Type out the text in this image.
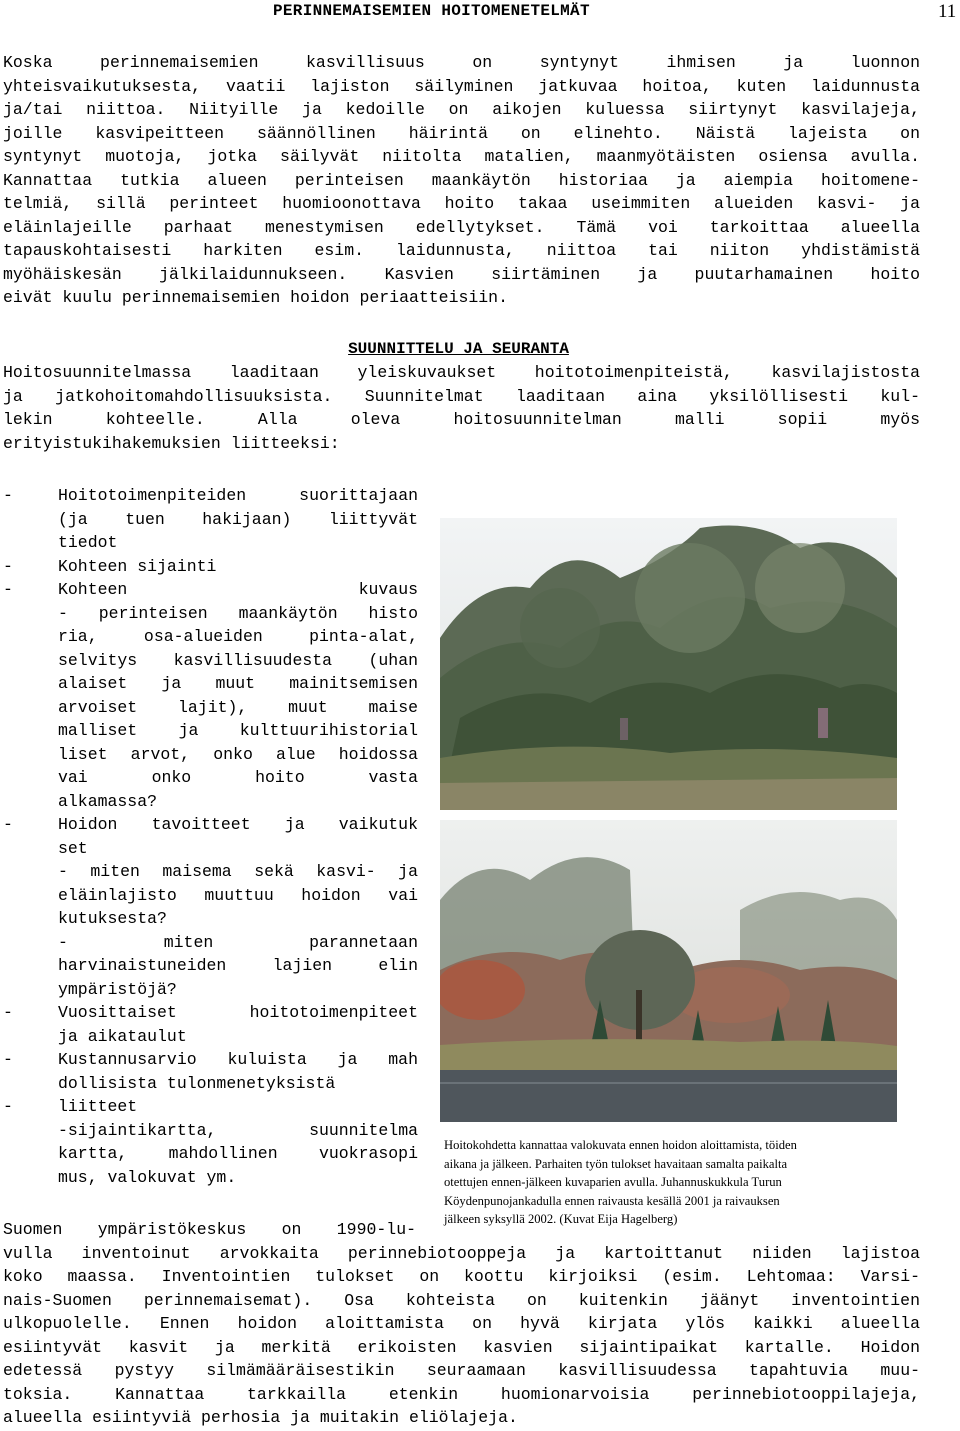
PERINNEMAISEMIEN HOITOMENETELMÄT	11
Koska perinnemaisemien kasvillisuus on syntynyt ihmisen ja luonnon
yhteisvaikutuksesta, vaatii lajiston säilyminen jatkuvaa hoitoa, kuten laidunnusta
ja/tai niittoa. Niityille ja kedoille on aikojen kuluessa siirtynyt kasvilajeja,
joille kasvipeitteen säännöllinen häirintä on elinehto. Näistä lajeista on
syntynyt muotoja, jotka säilyvät niitolta matalien, maanmyötäisten osiensa avulla.
Kannattaa tutkia alueen perinteisen maankäytön historiaa ja aiempia hoitomene-
telmiä, sillä perinteet huomioonottava hoito takaa useimmiten alueiden kasvi- ja
eläinlajeille parhaat menestymisen edellytykset. Tämä voi tarkoittaa alueella
tapauskohtaisesti harkiten esim. laidunnusta, niittoa tai niiton yhdistämistä
myöhäiskesän jälkilaidunnukseen. Kasvien siirtäminen ja puutarhamainen hoito
eivät kuulu perinnemaisemien hoidon periaatteisiin.
SUUNNITTELU JA SEURANTA
Hoitosuunnitelmassa laaditaan yleiskuvaukset hoitotoimenpiteistä, kasvilajistosta
ja jatkohoitomahdollisuuksista. Suunnitelmat laaditaan aina yksilöllisesti kul-
lekin kohteelle. Alla oleva hoitosuunnitelman malli sopii myös
erityistukihakemuksien liitteeksi:
-	Hoitotoimenpiteiden suorittajaan
(ja tuen hakijaan) liittyvät
tiedot
-	Kohteen sijainti
-	Kohteen kuvaus
- perinteisen maankäytön histo
ria, osa-alueiden pinta-alat,
selvitys kasvillisuudesta (uhan
alaiset ja muut mainitsemisen
arvoiset lajit), muut maise
malliset ja kulttuurihistorial
liset arvot, onko alue hoidossa
vai onko hoito vasta
alkamassa?
-	Hoidon tavoitteet ja vaikutuk
set
- miten maisema sekä kasvi- ja
eläinlajisto muuttuu hoidon vai
kutuksesta?
- miten parannetaan
harvinaistuneiden lajien elin
ympäristöjä?
-	Vuosittaiset hoitotoimenpiteet
ja aikataulut
-	Kustannusarvio kuluista ja mah
dollisista tulonmenetyksistä
-	liitteet
-sijaintikartta, suunnitelma
kartta, mahdollinen vuokrasopi
mus, valokuvat ym.
Hoitokohdetta kannattaa valokuvata ennen hoidon aloittamista, töiden
aikana ja jälkeen. Parhaiten työn tulokset havaitaan samalta paikalta
otettujen ennen-jälkeen kuvaparien avulla. Juhannuskukkula Turun
Köydenpunojankadulla ennen raivausta kesällä 2001 ja raivauksen
jälkeen syksyllä 2002. (Kuvat Eija Hagelberg)
Suomen ympäristökeskus on 1990-lu-
vulla inventoinut arvokkaita perinnebiotooppeja ja kartoittanut niiden lajistoa
koko maassa. Inventointien tulokset on koottu kirjoiksi (esim. Lehtomaa: Varsi-
nais-Suomen perinnemaisemat). Osa kohteista on kuitenkin jäänyt inventointien
ulkopuolelle. Ennen hoidon aloittamista on hyvä kirjata ylös kaikki alueella
esiintyvät kasvit ja merkitä erikoisten kasvien sijaintipaikat kartalle. Hoidon
edetessä pystyy silmämääräisestikin seuraamaan kasvillisuudessa tapahtuvia muu-
toksia. Kannattaa tarkkailla etenkin huomionarvoisia perinnebiotooppilajeja,
alueella esiintyviä perhosia ja muitakin eliölajeja.
